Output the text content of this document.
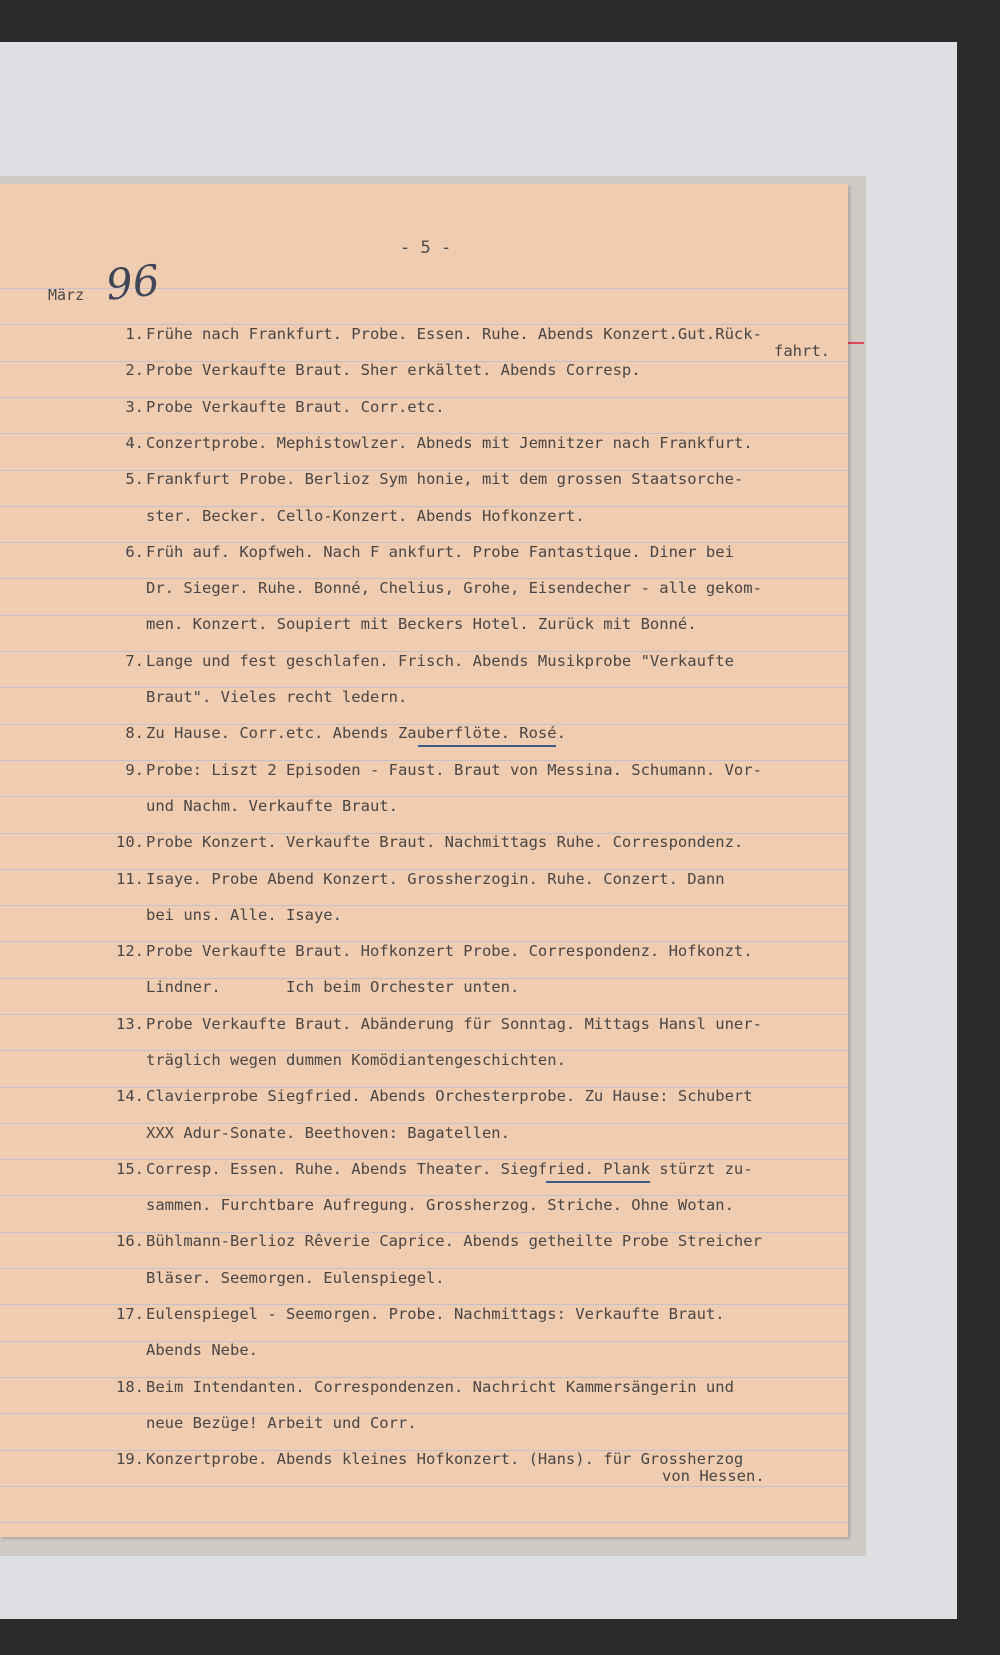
- 5 -
März 96
1. Frühe nach Frankfurt. Probe. Essen. Ruhe. Abends Konzert.Gut.Rück-
fahrt.
2. Probe Verkaufte Braut. Sher erkältet. Abends Corresp.
3. Probe Verkaufte Braut. Corr.etc.
4. Conzertprobe. Mephistowlzer. Abneds mit Jemnitzer nach Frankfurt.
5. Frankfurt Probe. Berlioz Sym honie, mit dem grossen Staatsorche-
ster. Becker. Cello-Konzert. Abends Hofkonzert.
6. Früh auf. Kopfweh. Nach F ankfurt. Probe Fantastique. Diner bei
Dr. Sieger. Ruhe. Bonné, Chelius, Grohe, Eisendecher - alle gekom-
men. Konzert. Soupiert mit Beckers Hotel. Zurück mit Bonné.
7. Lange und fest geschlafen. Frisch. Abends Musikprobe "Verkaufte
Braut". Vieles recht ledern.
8. Zu Hause. Corr.etc. Abends Zauberflöte. Rosé.
9. Probe: Liszt 2 Episoden - Faust. Braut von Messina. Schumann. Vor-
und Nachm. Verkaufte Braut.
10. Probe Konzert. Verkaufte Braut. Nachmittags Ruhe. Correspondenz.
11. Isaye. Probe Abend Konzert. Grossherzogin. Ruhe. Conzert. Dann
bei uns. Alle. Isaye.
12. Probe Verkaufte Braut. Hofkonzert Probe. Correspondenz. Hofkonzt.
Lindner.       Ich beim Orchester unten.
13. Probe Verkaufte Braut. Abänderung für Sonntag. Mittags Hansl uner-
träglich wegen dummen Komödiantengeschichten.
14. Clavierprobe Siegfried. Abends Orchesterprobe. Zu Hause: Schubert
XXX Adur-Sonate. Beethoven: Bagatellen.
15. Corresp. Essen. Ruhe. Abends Theater. Siegfried. Plank stürzt zu-
sammen. Furchtbare Aufregung. Grossherzog. Striche. Ohne Wotan.
16. Bühlmann-Berlioz Rêverie Caprice. Abends getheilte Probe Streicher
Bläser. Seemorgen. Eulenspiegel.
17. Eulenspiegel - Seemorgen. Probe. Nachmittags: Verkaufte Braut.
Abends Nebe.
18. Beim Intendanten. Correspondenzen. Nachricht Kammersängerin und
neue Bezüge! Arbeit und Corr.
19. Konzertprobe. Abends kleines Hofkonzert. (Hans). für Grossherzog
von Hessen.
